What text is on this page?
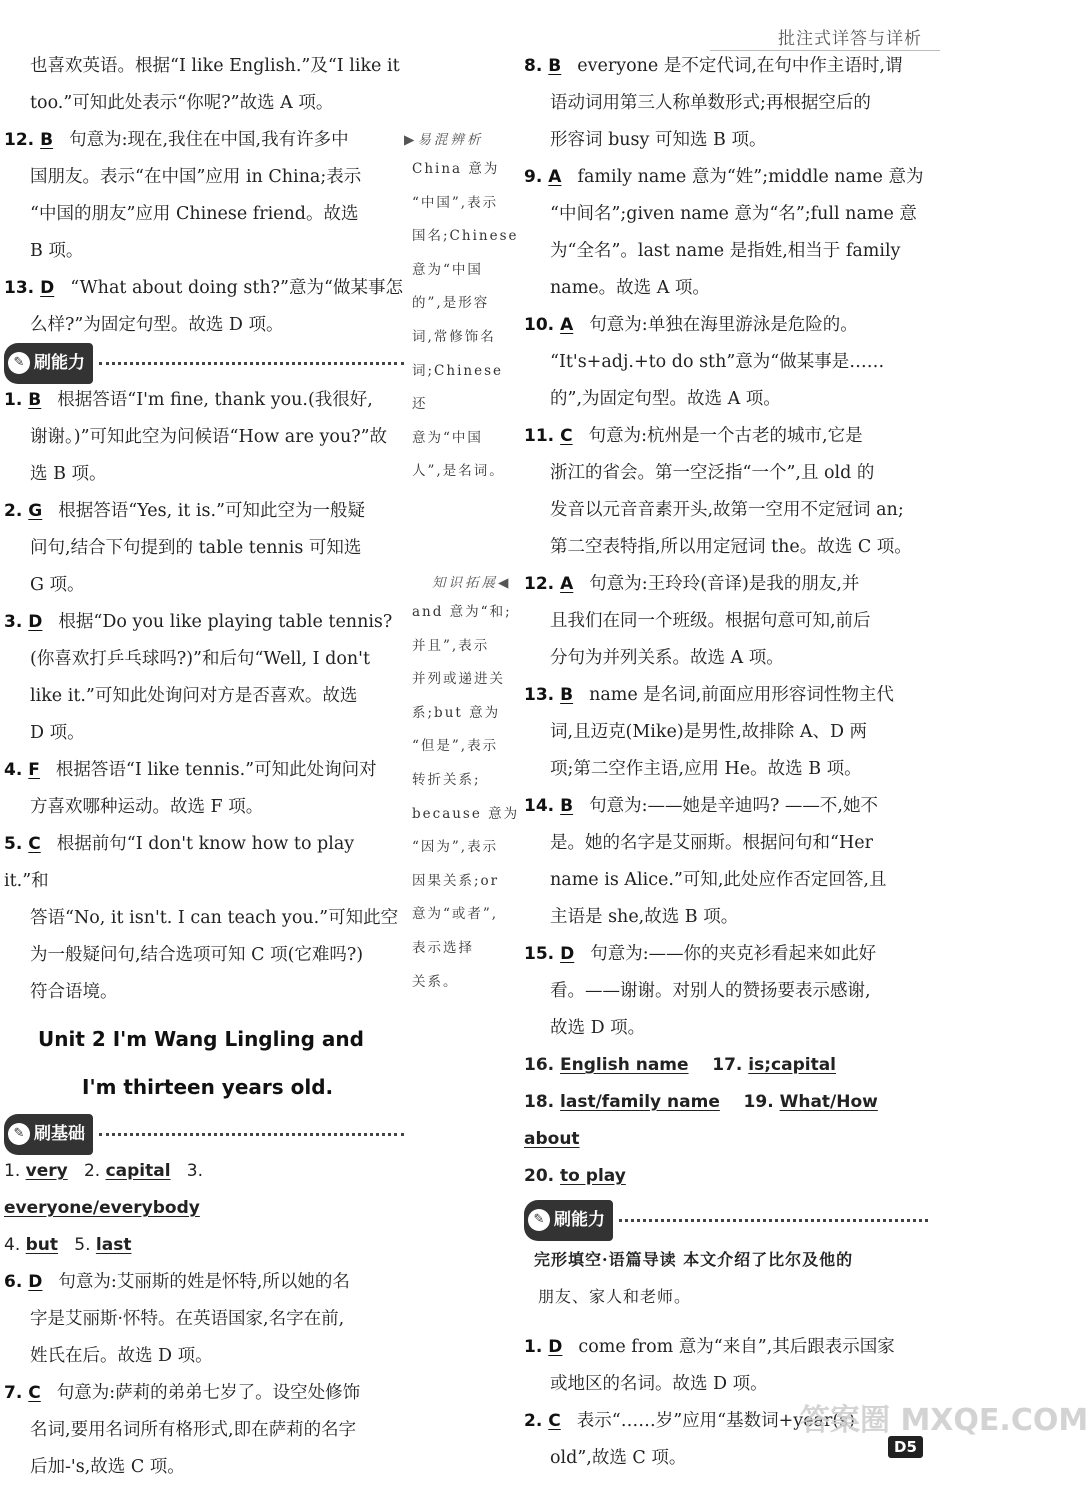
批注式详答与详析

也喜欢英语。根据“I like English.”及“I like it

too.”可知此处表示“你呢?”故选 A 项。

12. B 句意为:现在,我住在中国,我有许多中

国朋友。表示“在中国”应用 in China;表示

“中国的朋友”应用 Chinese friend。故选

B 项。

13. D “What about doing sth?”意为“做某事怎

么样?”为固定句型。故选 D 项。

✎ 刷能力

1. B 根据答语“I'm fine, thank you.(我很好,

谢谢。)”可知此空为问候语“How are you?”故

选 B 项。

2. G 根据答语“Yes, it is.”可知此空为一般疑

问句,结合下句提到的 table tennis 可知选

G 项。

3. D 根据“Do you like playing table tennis?

(你喜欢打乒乓球吗?)”和后句“Well, I don't

like it.”可知此处询问对方是否喜欢。故选

D 项。

4. F 根据答语“I like tennis.”可知此处询问对

方喜欢哪种运动。故选 F 项。

5. C 根据前句“I don't know how to play it.”和

答语“No, it isn't. I can teach you.”可知此空

为一般疑问句,结合选项可知 C 项(它难吗?)

符合语境。

Unit 2 I'm Wang Lingling and
I'm thirteen years old.
✎ 刷基础
1. very 2. capital 3. everyone/everybody
4. but 5. last

6. D 句意为:艾丽斯的姓是怀特,所以她的名

字是艾丽斯·怀特。在英语国家,名字在前,

姓氏在后。故选 D 项。

7. C 句意为:萨莉的弟弟七岁了。设空处修饰

名词,要用名词所有格形式,即在萨莉的名字

后加-'s,故选 C 项。

▶易混辨析
China 意为
“中国”,表示
国名;Chinese
意为“中国
的”,是形容
词,常修饰名
词;Chinese 还
意为“中国
人”,是名词。
知识拓展◀
and 意为“和;
并且”,表示
并列或递进关
系;but 意为
“但是”,表示
转折关系;
because 意为
“因为”,表示
因果关系;or
意为“或者”,
表示选择
关系。

8. B everyone 是不定代词,在句中作主语时,谓

语动词用第三人称单数形式;再根据空后的

形容词 busy 可知选 B 项。

9. A family name 意为“姓”;middle name 意为

“中间名”;given name 意为“名”;full name 意

为“全名”。last name 是指姓,相当于 family

name。故选 A 项。

10. A 句意为:单独在海里游泳是危险的。

“It's+adj.+to do sth”意为“做某事是……

的”,为固定句型。故选 A 项。

11. C 句意为:杭州是一个古老的城市,它是

浙江的省会。第一空泛指“一个”,且 old 的

发音以元音音素开头,故第一空用不定冠词 an;

第二空表特指,所以用定冠词 the。故选 C 项。

12. A 句意为:王玲玲(音译)是我的朋友,并

且我们在同一个班级。根据句意可知,前后

分句为并列关系。故选 A 项。

13. B name 是名词,前面应用形容词性物主代

词,且迈克(Mike)是男性,故排除 A、D 两

项;第二空作主语,应用 He。故选 B 项。

14. B 句意为:——她是辛迪吗? ——不,她不

是。她的名字是艾丽斯。根据问句和“Her

name is Alice.”可知,此处应作否定回答,且

主语是 she,故选 B 项。

15. D 句意为:——你的夹克衫看起来如此好

看。——谢谢。对别人的赞扬要表示感谢,

故选 D 项。

16. English name 17. is;capital
18. last/family name 19. What/How about
20. to play
✎ 刷能力

完形填空·语篇导读 本文介绍了比尔及他的

朋友、家人和老师。

1. D come from 意为“来自”,其后跟表示国家

或地区的名词。故选 D 项。

2. C 表示“……岁”应用“基数词+year(s)

old”,故选 C 项。

D5
答案圈 MXQE.COM
